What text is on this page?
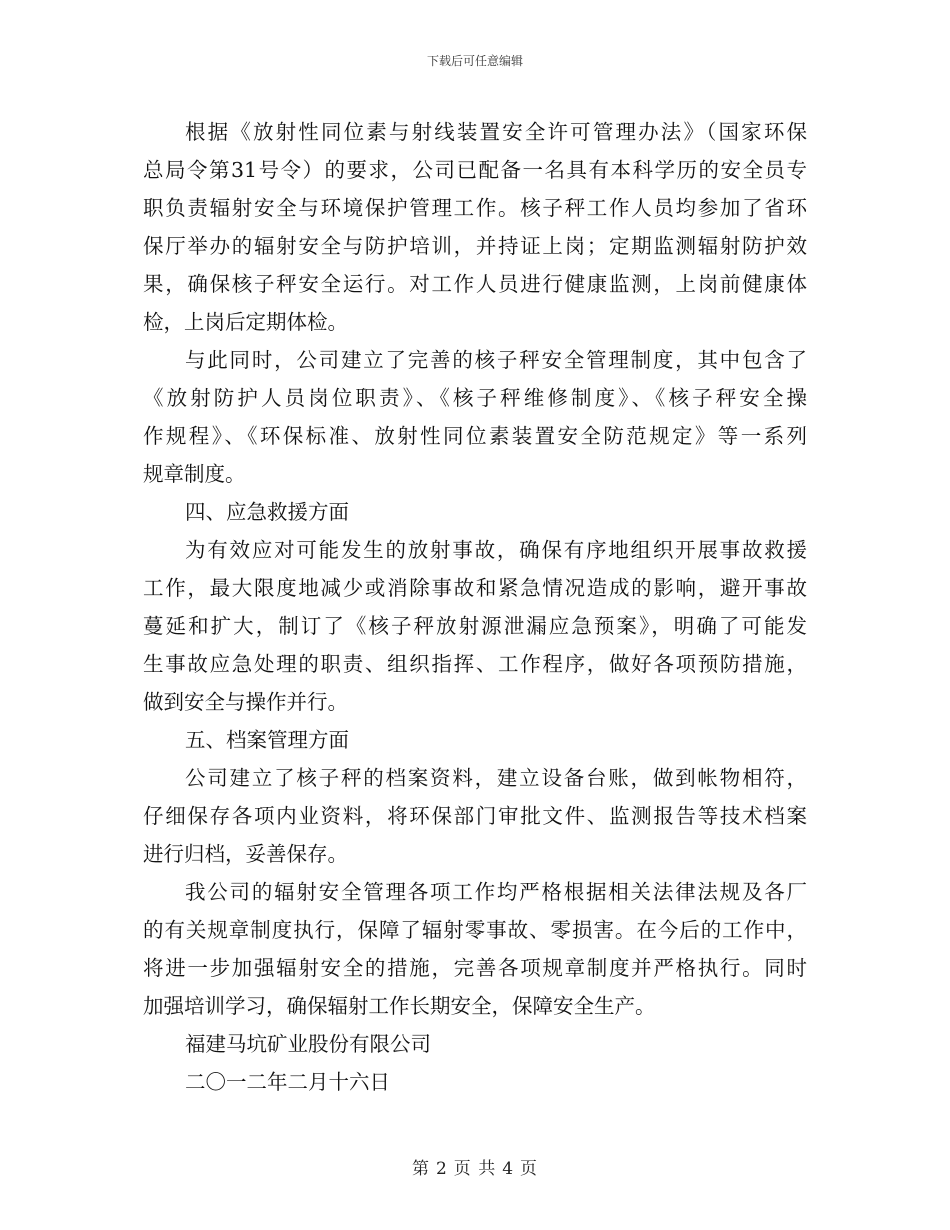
下载后可任意编辑
根据《放射性同位素与射线装置安全许可管理办法》（国家环保
总局令第31号令）的要求，公司已配备一名具有本科学历的安全员专
职负责辐射安全与环境保护管理工作。核子秤工作人员均参加了省环
保厅举办的辐射安全与防护培训，并持证上岗；定期监测辐射防护效
果，确保核子秤安全运行。对工作人员进行健康监测，上岗前健康体
检，上岗后定期体检。
与此同时，公司建立了完善的核子秤安全管理制度，其中包含了
《放射防护人员岗位职责》、《核子秤维修制度》、《核子秤安全操
作规程》、《环保标准、放射性同位素装置安全防范规定》等一系列
规章制度。
四、应急救援方面
为有效应对可能发生的放射事故，确保有序地组织开展事故救援
工作，最大限度地减少或消除事故和紧急情况造成的影响，避开事故
蔓延和扩大，制订了《核子秤放射源泄漏应急预案》，明确了可能发
生事故应急处理的职责、组织指挥、工作程序，做好各项预防措施，
做到安全与操作并行。
五、档案管理方面
公司建立了核子秤的档案资料，建立设备台账，做到帐物相符，
仔细保存各项内业资料，将环保部门审批文件、监测报告等技术档案
进行归档，妥善保存。
我公司的辐射安全管理各项工作均严格根据相关法律法规及各厂
的有关规章制度执行，保障了辐射零事故、零损害。在今后的工作中，
将进一步加强辐射安全的措施，完善各项规章制度并严格执行。同时
加强培训学习，确保辐射工作长期安全，保障安全生产。
福建马坑矿业股份有限公司
二〇一二年二月十六日
第 2 页 共 4 页
